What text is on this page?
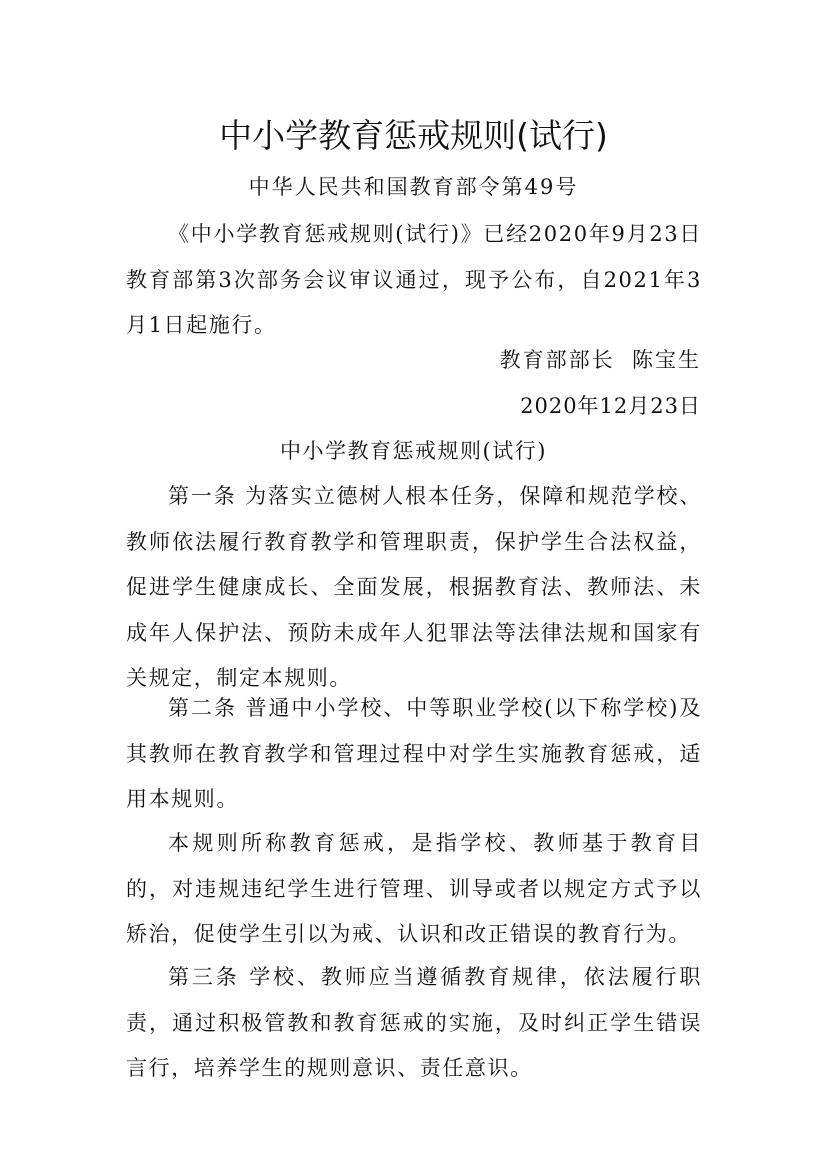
中小学教育惩戒规则(试行)

中华人民共和国教育部令第49号

《中小学教育惩戒规则(试行)》已经2020年9月23日教育部第3次部务会议审议通过，现予公布，自2021年3月1日起施行。

教育部部长  陈宝生

2020年12月23日

中小学教育惩戒规则(试行)

第一条 为落实立德树人根本任务，保障和规范学校、教师依法履行教育教学和管理职责，保护学生合法权益，促进学生健康成长、全面发展，根据教育法、教师法、未成年人保护法、预防未成年人犯罪法等法律法规和国家有关规定，制定本规则。

第二条 普通中小学校、中等职业学校(以下称学校)及其教师在教育教学和管理过程中对学生实施教育惩戒，适用本规则。

本规则所称教育惩戒，是指学校、教师基于教育目的，对违规违纪学生进行管理、训导或者以规定方式予以矫治，促使学生引以为戒、认识和改正错误的教育行为。

第三条 学校、教师应当遵循教育规律，依法履行职责，通过积极管教和教育惩戒的实施，及时纠正学生错误言行，培养学生的规则意识、责任意识。
